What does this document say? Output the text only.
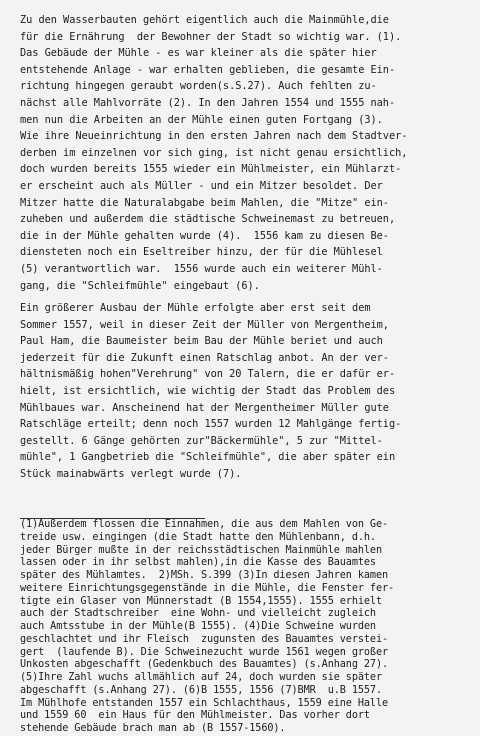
Zu den Wasserbauten gehört eigentlich auch die Mainmühle,die
für die Ernährung  der Bewohner der Stadt so wichtig war. (1).
Das Gebäude der Mühle - es war kleiner als die später hier
entstehende Anlage - war erhalten geblieben, die gesamte Ein-
richtung hingegen geraubt worden(s.S.27). Auch fehlten zu-
nächst alle Mahlvorräte (2). In den Jahren 1554 und 1555 nah-
men nun die Arbeiten an der Mühle einen guten Fortgang (3).
Wie ihre Neueinrichtung in den ersten Jahren nach dem Stadtver-
derben im einzelnen vor sich ging, ist nicht genau ersichtlich,
doch wurden bereits 1555 wieder ein Mühlmeister, ein Mühlarzt-
er erscheint auch als Müller - und ein Mitzer besoldet. Der
Mitzer hatte die Naturalabgabe beim Mahlen, die "Mitze" ein-
zuheben und außerdem die städtische Schweinemast zu betreuen,
die in der Mühle gehalten wurde (4).  1556 kam zu diesen Be-
diensteten noch ein Eseltreiber hinzu, der für die Mühlesel
(5) verantwortlich war.  1556 wurde auch ein weiterer Mühl-
gang, die "Schleifmühle" eingebaut (6).
Ein größerer Ausbau der Mühle erfolgte aber erst seit dem
Sommer 1557, weil in dieser Zeit der Müller von Mergentheim,
Paul Ham, die Baumeister beim Bau der Mühle beriet und auch
jederzeit für die Zukunft einen Ratschlag anbot. An der ver-
hältnismäßig hohen"Verehrung" von 20 Talern, die er dafür er-
hielt, ist ersichtlich, wie wichtig der Stadt das Problem des
Mühlbaues war. Anscheinend hat der Mergentheimer Müller gute
Ratschläge erteilt; denn noch 1557 wurden 12 Mahlgänge fertig-
gestellt. 6 Gänge gehörten zur"Bäckermühle", 5 zur "Mittel-
mühle", 1 Gangbetrieb die "Schleifmühle", die aber später ein
Stück mainabwärts verlegt wurde (7).
(1)Außerdem flossen die Einnahmen, die aus dem Mahlen von Ge-
treide usw. eingingen (die Stadt hatte den Mühlenbann, d.h.
jeder Bürger mußte in der reichsstädtischen Mainmühle mahlen
lassen oder in ihr selbst mahlen),in die Kasse des Bauamtes
später des Mühlamtes.  2)MSh. S.399 (3)In diesen Jahren kamen
weitere Einrichtungsgegenstände in die Mühle, die Fenster fer-
tigte ein Glaser von Münnerstadt (B 1554,1555). 1555 erhielt
auch der Stadtschreiber  eine Wohn- und vielleicht zugleich
auch Amtsstube in der Mühle(B 1555). (4)Die Schweine wurden
geschlachtet und ihr Fleisch  zugunsten des Bauamtes verstei-
gert  (laufende B). Die Schweinezucht wurde 1561 wegen großer
Unkosten abgeschafft (Gedenkbuch des Bauamtes) (s.Anhang 27).
(5)Ihre Zahl wuchs allmählich auf 24, doch wurden sie später
abgeschafft (s.Anhang 27). (6)B 1555, 1556 (7)BMR  u.B 1557.
Im Mühlhofe entstanden 1557 ein Schlachthaus, 1559 eine Halle
und 1559 60  ein Haus für den Mühlmeister. Das vorher dort
stehende Gebäude brach man ab (B 1557-1560).
